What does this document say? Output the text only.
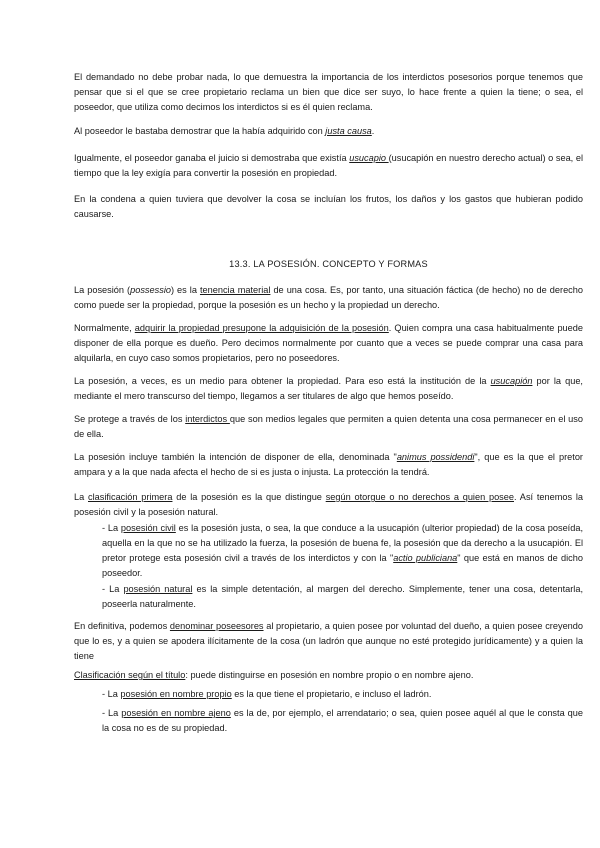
El demandado no debe probar nada, lo que demuestra la importancia de los interdictos posesorios porque tenemos que pensar que si el que se cree propietario reclama un bien que dice ser suyo, lo hace frente a quien la tiene; o sea, el poseedor, que utiliza como decimos los interdictos si es él quien reclama.

Al poseedor le bastaba demostrar que la había adquirido con justa causa.

Igualmente, el poseedor ganaba el juicio si demostraba que existía usucapio (usucapión en nuestro derecho actual) o sea, el tiempo que la ley exigía para convertir la posesión en propiedad.

En la condena a quien tuviera que devolver la cosa se incluían los frutos, los daños y los gastos que hubieran podido causarse.

13.3. LA POSESIÓN. CONCEPTO Y FORMAS

La posesión (possessio) es la tenencia material de una cosa. Es, por tanto, una situación fáctica (de hecho) no de derecho como puede ser la propiedad, porque la posesión es un hecho y la propiedad un derecho.

Normalmente, adquirir la propiedad presupone la adquisición de la posesión. Quien compra una casa habitualmente puede disponer de ella porque es dueño. Pero decimos normalmente por cuanto que a veces se puede comprar una casa para alquilarla, en cuyo caso somos propietarios, pero no poseedores.

La posesión, a veces, es un medio para obtener la propiedad. Para eso está la institución de la usucapión por la que, mediante el mero transcurso del tiempo, llegamos a ser titulares de algo que hemos poseído.

Se protege a través de los interdictos que son medios legales que permiten a quien detenta una cosa permanecer en el uso de ella.

La posesión incluye también la intención de disponer de ella, denominada "animus possidendi", que es la que el pretor ampara y a la que nada afecta el hecho de si es justa o injusta. La protección la tendrá.

La clasificación primera de la posesión es la que distingue según otorgue o no derechos a quien posee. Así tenemos la posesión civil y la posesión natural.

- La posesión civil es la posesión justa, o sea, la que conduce a la usucapión (ulterior propiedad) de la cosa poseída, aquella en la que no se ha utilizado la fuerza, la posesión de buena fe, la posesión que da derecho a la usucapión. El pretor protege esta posesión civil a través de los interdictos y con la "actio publiciana" que está en manos de dicho poseedor.

- La posesión natural es la simple detentación, al margen del derecho. Simplemente, tener una cosa, detentarla, poseerla naturalmente.

En definitiva, podemos denominar poseesores al propietario, a quien posee por voluntad del dueño, a quien posee creyendo que lo es, y a quien se apodera ilícitamente de la cosa (un ladrón que aunque no esté protegido jurídicamente) y a quien la tiene

Clasificación según el título: puede distinguirse en posesión en nombre propio o en nombre ajeno.

- La posesión en nombre propio es la que tiene el propietario, e incluso el ladrón.

- La posesión en nombre ajeno es la de, por ejemplo, el arrendatario; o sea, quien posee aquél al que le consta que la cosa no es de su propiedad.
